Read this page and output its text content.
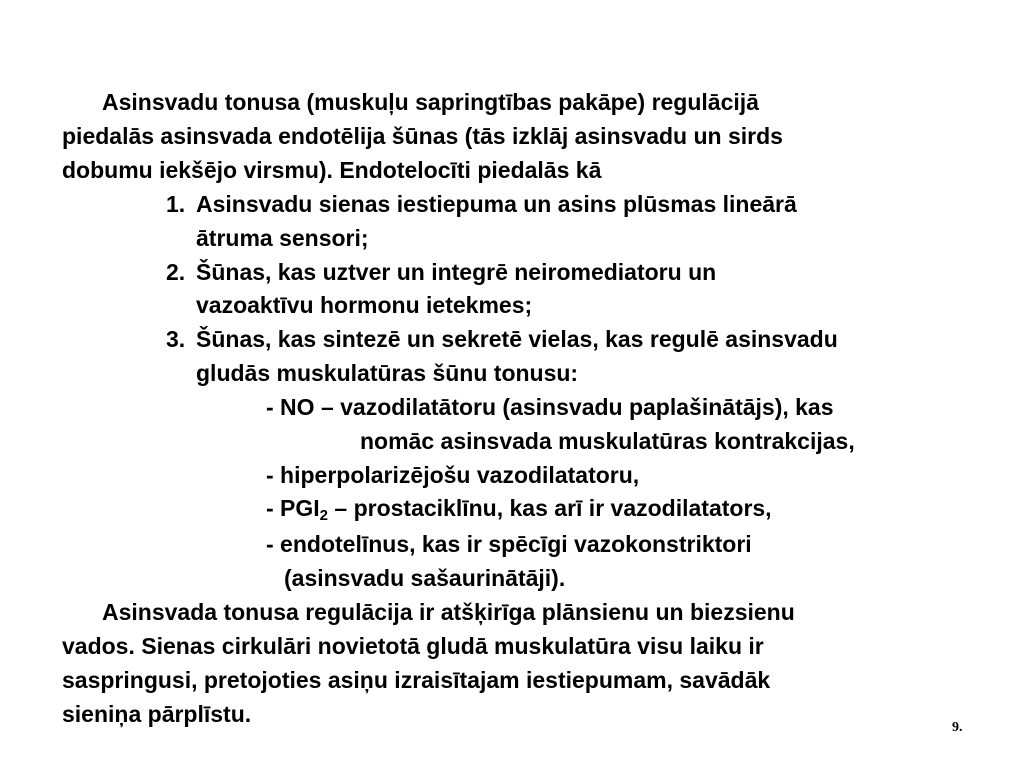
Asinsvadu tonusa (muskuļu sapringtības pakāpe) regulācijā
piedalās asinsvada endotēlija šūnas (tās izklāj asinsvadu un sirds
dobumu iekšējo virsmu). Endotelocīti piedalās kā
1. Asinsvadu sienas iestiepuma un asins plūsmas lineārā
ātruma sensori;
2. Šūnas, kas uztver un integrē neiromediatoru un
vazoaktīvu hormonu ietekmes;
3. Šūnas, kas sintezē un sekretē vielas, kas regulē asinsvadu
gludās muskulatūras šūnu tonusu:
- NO – vazodilatātoru (asinsvadu paplašinātājs), kas
nomāc asinsvada muskulatūras kontrakcijas,
- hiperpolarizējošu vazodilatatoru,
- $PGI_2$ – prostaciklīnu, kas arī ir vazodilatators,
- endotelīnus, kas ir spēcīgi vazokonstriktori
(asinsvadu sašaurinātāji).
Asinsvada tonusa regulācija ir atšķirīga plānsienu un biezsienu
vados. Sienas cirkulāri novietotā gludā muskulatūra visu laiku ir
saspringusi, pretojoties asiņu izraisītajam iestiepumam, savādāk
sieniņa pārplīstu.
9.
